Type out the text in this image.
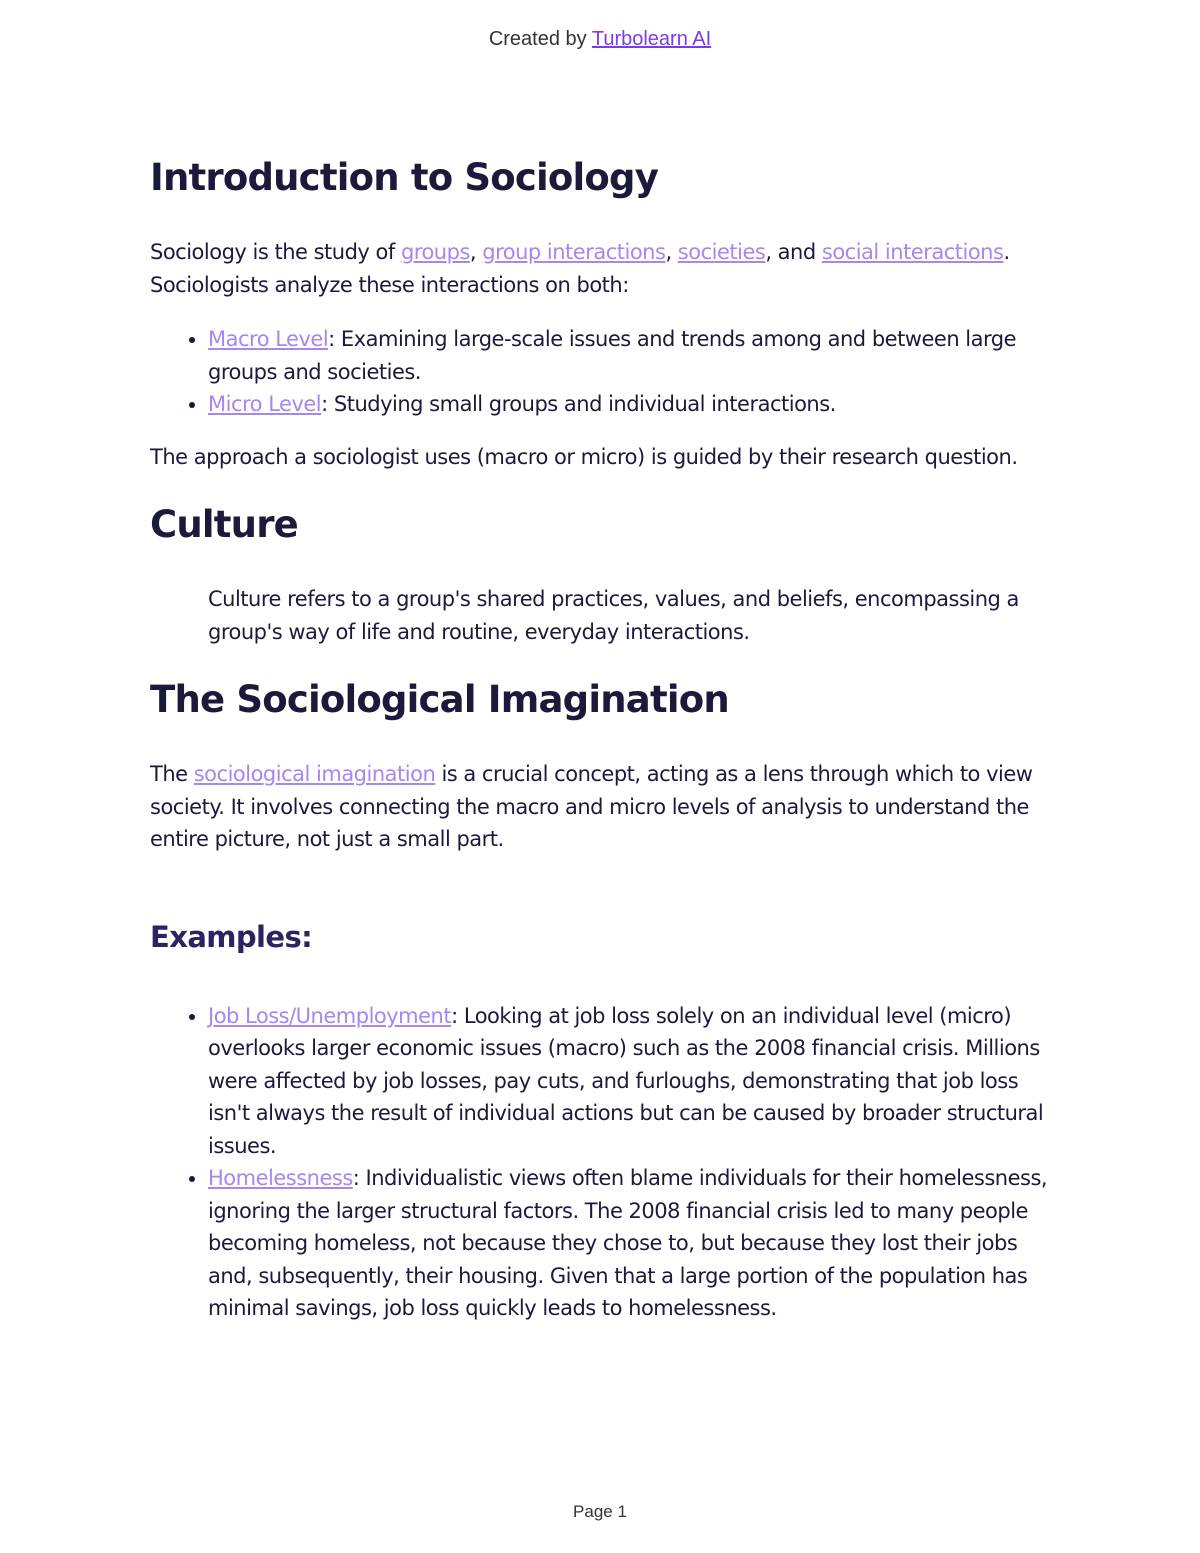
Created by Turbolearn AI
Introduction to Sociology

Sociology is the study of groups, group interactions, societies, and social interactions. Sociologists analyze these interactions on both:

• Macro Level: Examining large-scale issues and trends among and between large groups and societies.
• Micro Level: Studying small groups and individual interactions.

The approach a sociologist uses (macro or micro) is guided by their research question.

Culture

Culture refers to a group's shared practices, values, and beliefs, encompassing a group's way of life and routine, everyday interactions.

The Sociological Imagination

The sociological imagination is a crucial concept, acting as a lens through which to view society. It involves connecting the macro and micro levels of analysis to understand the entire picture, not just a small part.

Examples:
• Job Loss/Unemployment: Looking at job loss solely on an individual level (micro) overlooks larger economic issues (macro) such as the 2008 financial crisis. Millions were affected by job losses, pay cuts, and furloughs, demonstrating that job loss isn't always the result of individual actions but can be caused by broader structural issues.
• Homelessness: Individualistic views often blame individuals for their homelessness, ignoring the larger structural factors. The 2008 financial crisis led to many people becoming homeless, not because they chose to, but because they lost their jobs and, subsequently, their housing. Given that a large portion of the population has minimal savings, job loss quickly leads to homelessness.
Page 1
